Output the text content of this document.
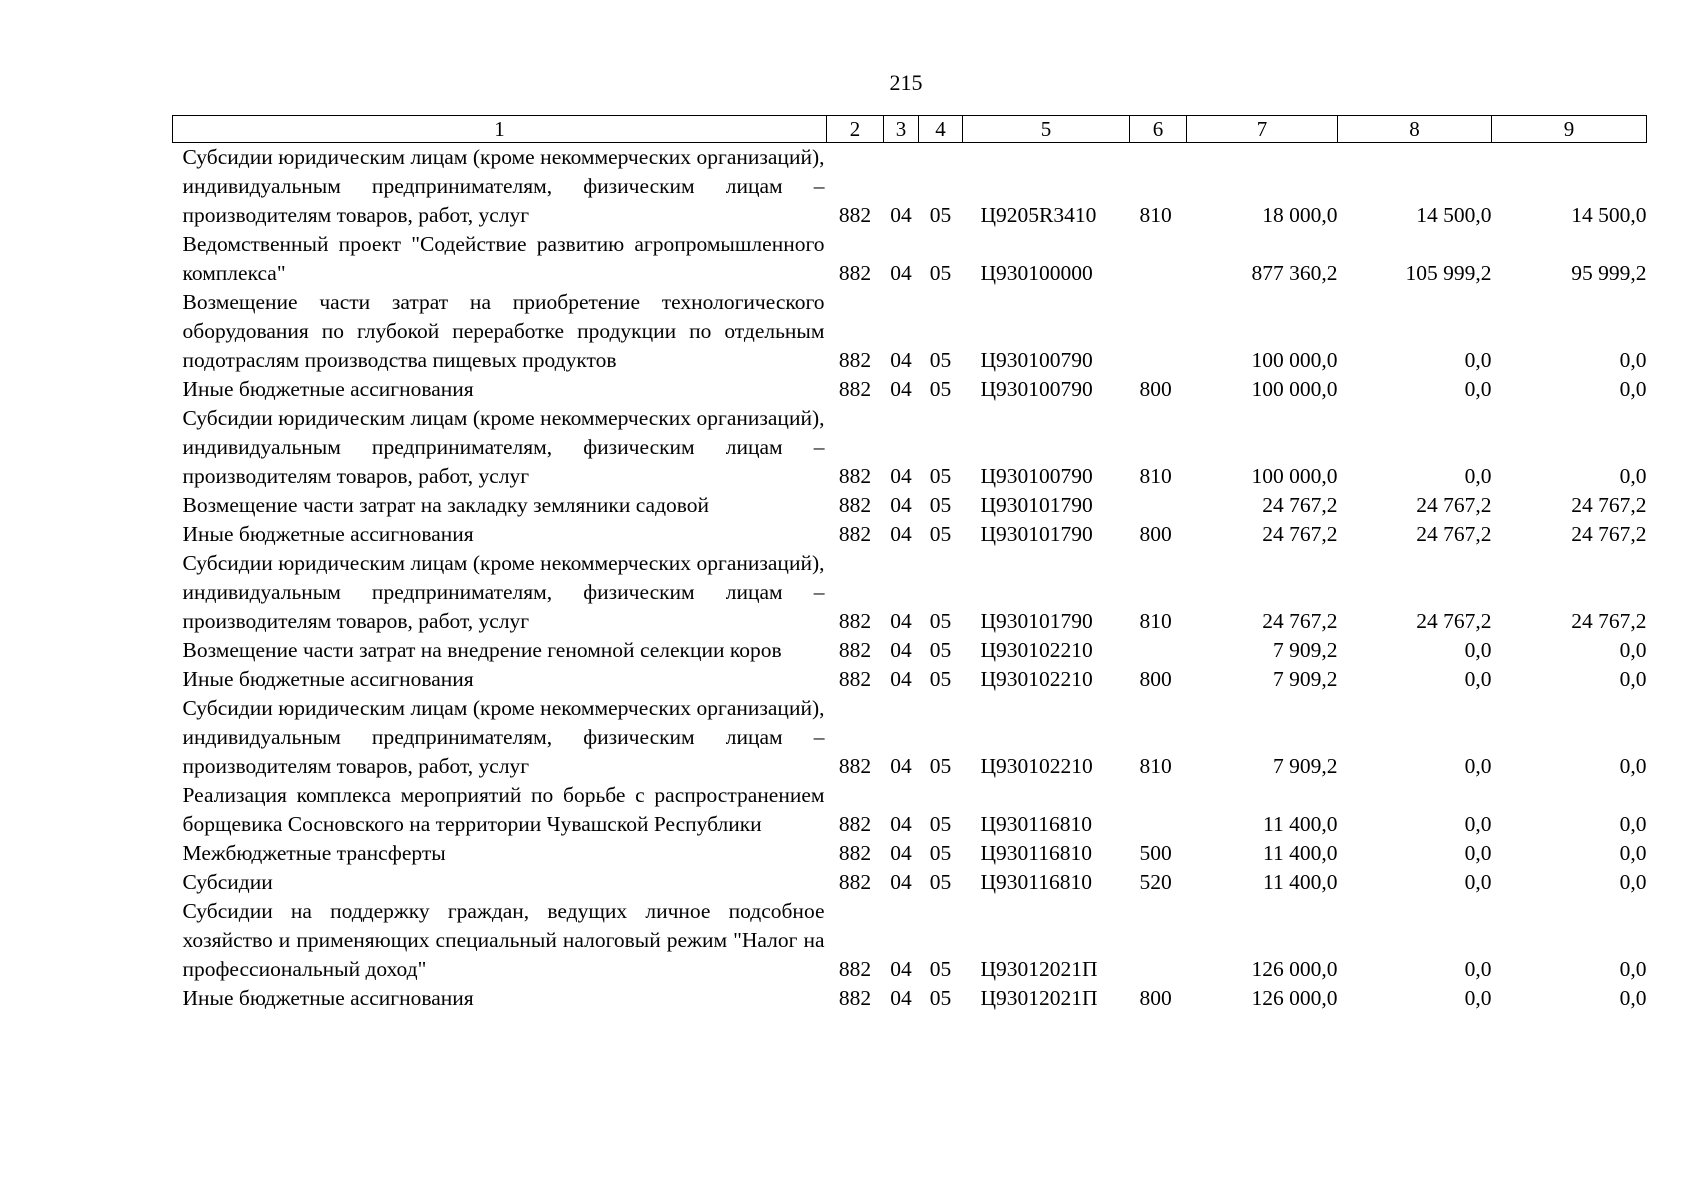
215
1	2	3	4	5	6	7	8	9
Субсидии юридическим лицам (кроме некоммерческих организаций), индивидуальным предпринимателям, физическим лицам – производителям товаров, работ, услуг	882	04	05	Ц9205R3410	810	18 000,0	14 500,0	14 500,0
Ведомственный проект "Содействие развитию агропромышленного комплекса"	882	04	05	Ц930100000		877 360,2	105 999,2	95 999,2
Возмещение части затрат на приобретение технологического оборудования по глубокой переработке продукции по отдельным подотраслям производства пищевых продуктов	882	04	05	Ц930100790		100 000,0	0,0	0,0
Иные бюджетные ассигнования	882	04	05	Ц930100790	800	100 000,0	0,0	0,0
Субсидии юридическим лицам (кроме некоммерческих организаций), индивидуальным предпринимателям, физическим лицам – производителям товаров, работ, услуг	882	04	05	Ц930100790	810	100 000,0	0,0	0,0
Возмещение части затрат на закладку земляники садовой	882	04	05	Ц930101790		24 767,2	24 767,2	24 767,2
Иные бюджетные ассигнования	882	04	05	Ц930101790	800	24 767,2	24 767,2	24 767,2
Субсидии юридическим лицам (кроме некоммерческих организаций), индивидуальным предпринимателям, физическим лицам – производителям товаров, работ, услуг	882	04	05	Ц930101790	810	24 767,2	24 767,2	24 767,2
Возмещение части затрат на внедрение геномной селекции коров	882	04	05	Ц930102210		7 909,2	0,0	0,0
Иные бюджетные ассигнования	882	04	05	Ц930102210	800	7 909,2	0,0	0,0
Субсидии юридическим лицам (кроме некоммерческих организаций), индивидуальным предпринимателям, физическим лицам – производителям товаров, работ, услуг	882	04	05	Ц930102210	810	7 909,2	0,0	0,0
Реализация комплекса мероприятий по борьбе с распространением борщевика Сосновского на территории Чувашской Республики	882	04	05	Ц930116810		11 400,0	0,0	0,0
Межбюджетные трансферты	882	04	05	Ц930116810	500	11 400,0	0,0	0,0
Субсидии	882	04	05	Ц930116810	520	11 400,0	0,0	0,0
Субсидии на поддержку граждан, ведущих личное подсобное хозяйство и применяющих специальный налоговый режим "Налог на профессиональный доход"	882	04	05	Ц93012021П		126 000,0	0,0	0,0
Иные бюджетные ассигнования	882	04	05	Ц93012021П	800	126 000,0	0,0	0,0
